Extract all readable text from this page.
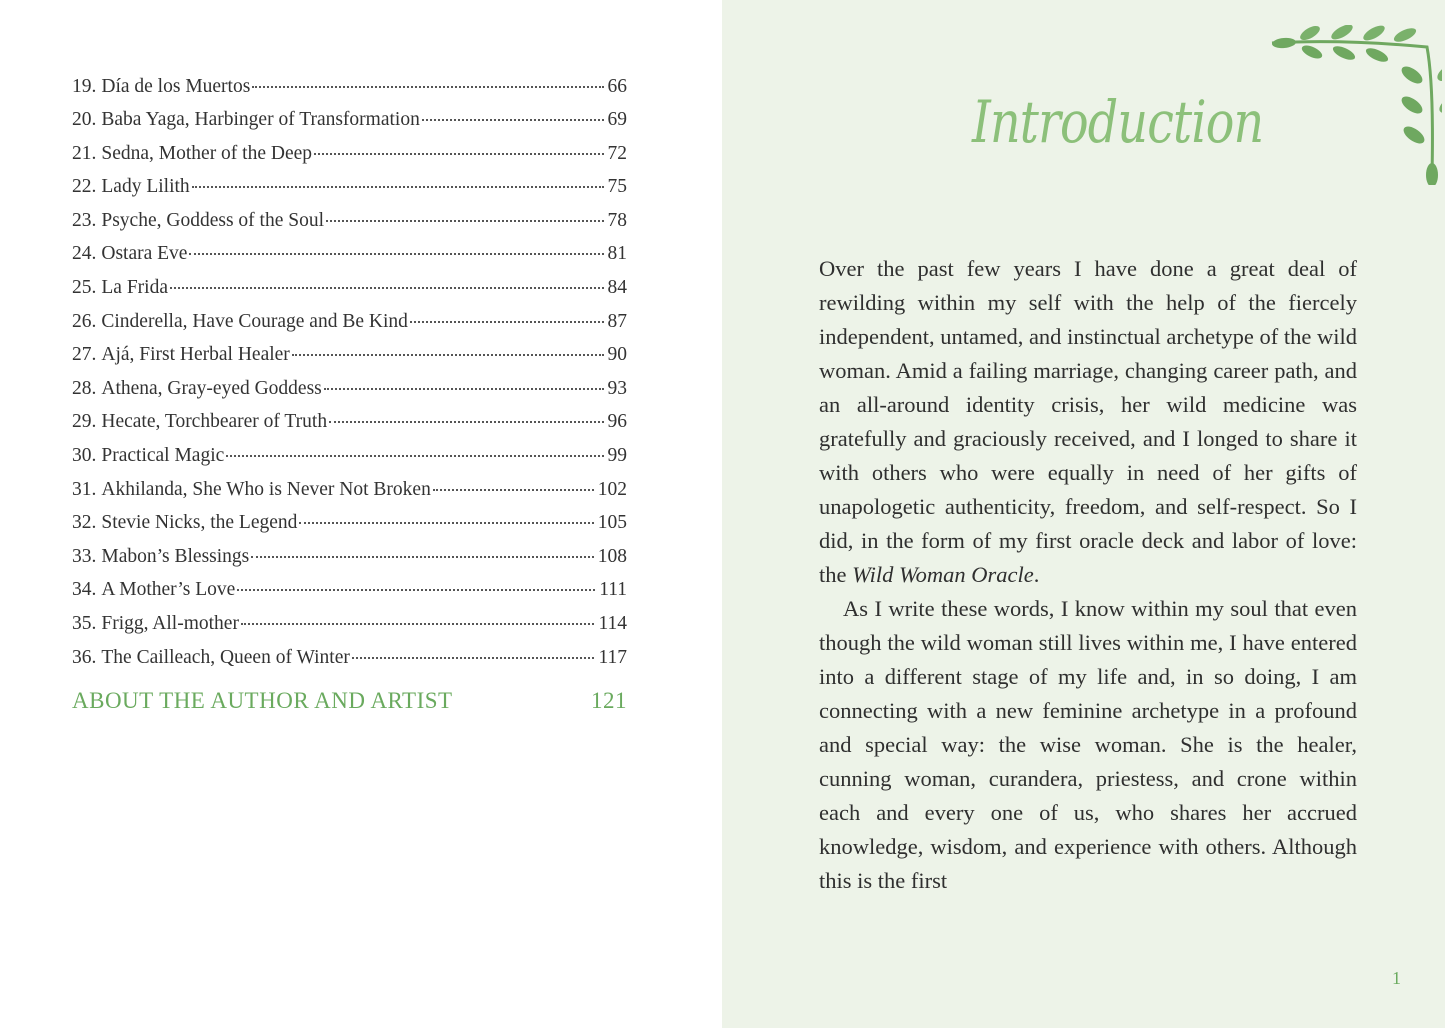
19. Día de los Muertos	66
20. Baba Yaga, Harbinger of Transformation	69
21. Sedna, Mother of the Deep	72
22. Lady Lilith	75
23. Psyche, Goddess of the Soul	78
24. Ostara Eve	81
25. La Frida	84
26. Cinderella, Have Courage and Be Kind	87
27. Ajá, First Herbal Healer	90
28. Athena, Gray-eyed Goddess	93
29. Hecate, Torchbearer of Truth	96
30. Practical Magic	99
31. Akhilanda, She Who is Never Not Broken	102
32. Stevie Nicks, the Legend	105
33. Mabon’s Blessings	108
34. A Mother’s Love	111
35. Frigg, All-mother	114
36. The Cailleach, Queen of Winter	117
ABOUT THE AUTHOR AND ARTIST	121
Introduction

Over the past few years I have done a great deal of rewilding within my self with the help of the fiercely independent, untamed, and instinctual archetype of the wild woman. Amid a failing marriage, changing career path, and an all-around identity crisis, her wild medicine was gratefully and graciously received, and I longed to share it with others who were equally in need of her gifts of unapologetic authenticity, freedom, and self-respect. So I did, in the form of my first oracle deck and labor of love: the Wild Woman Oracle.

As I write these words, I know within my soul that even though the wild woman still lives within me, I have entered into a different stage of my life and, in so doing, I am connecting with a new feminine archetype in a profound and special way: the wise woman. She is the healer, cunning woman, curandera, priestess, and crone within each and every one of us, who shares her accrued knowledge, wisdom, and experience with others. Although this is the first

1
